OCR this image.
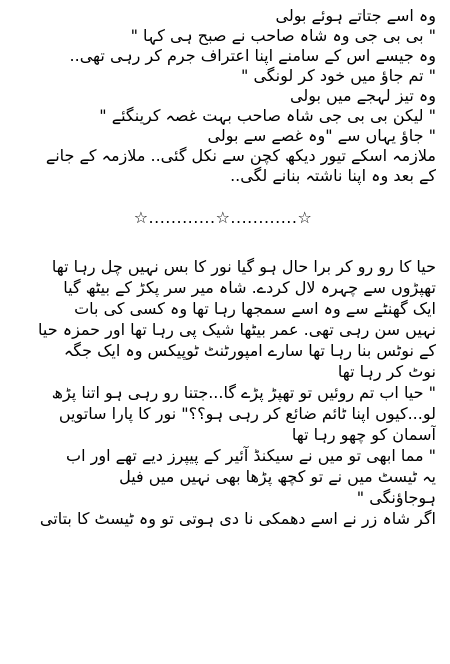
وہ اسے جتاتے ہوئے بولی
" بی بی جی وہ شاہ صاحب نے صبح ہی کہا "
وہ جیسے اس کے سامنے اپنا اعتراف جرم کر رہی تھی..
" تم جاؤ میں خود کر لونگی "
وہ تیز لہجے میں بولی
" لیکن بی بی جی شاہ صاحب بہت غصہ کرینگئے "
" جاؤ یہاں سے "وہ غصے سے بولی
ملازمہ اسکے تیور دیکھ کچن سے نکل گئی.. ملازمہ کے جانے
کے بعد وہ اپنا ناشتہ بنانے لگی..
☆............☆............☆
حیا کا رو رو کر برا حال ہو گیا نور کا بس نہیں چل رہا تھا
تھپڑوں سے چہرہ لال کردے. شاہ میر سر پکڑ کے بیٹھ گیا
ایک گھنٹے سے وہ اسے سمجھا رہا تھا وہ کسی کی بات
نہیں سن رہی تھی. عمر بیٹھا شیک پی رہا تھا اور حمزہ حیا
کے نوٹس بنا رہا تھا سارے امپورٹنٹ ٹوپیکس وہ ایک جگہ
نوٹ کر رہا تھا
" حیا اب تم روئیں تو تھپڑ پڑے گا...جتنا رو رہی ہو اتنا پڑھ
لو...کیوں اپنا ٹائم ضائع کر رہی ہو؟؟" نور کا پارا ساتویں
آسمان کو چھو رہا تھا
" مما ابھی تو میں نے سیکنڈ آئیر کے پیپرز دیے تھے اور اب
یہ ٹیسٹ میں نے تو کچھ پڑھا بھی نہیں میں فیل
ہوجاؤنگی "
اگر شاہ زر نے اسے دھمکی نا دی ہوتی تو وہ ٹیسٹ کا بتاتی
